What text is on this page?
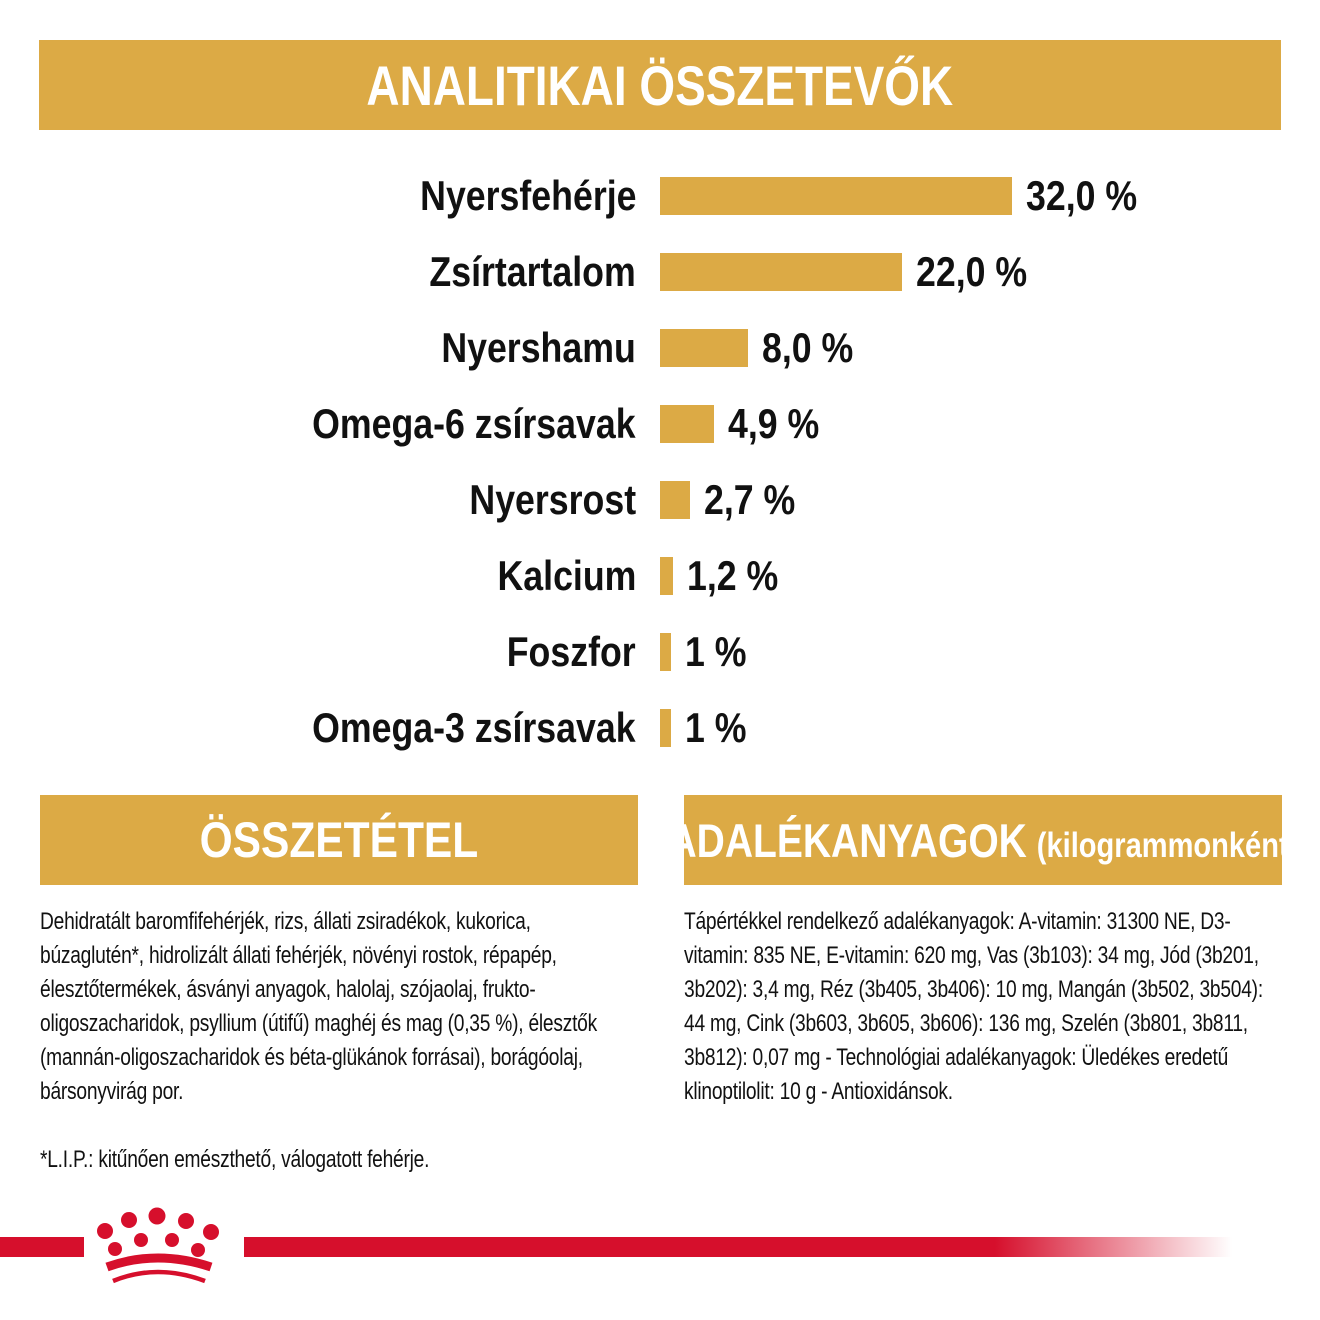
ANALITIKAI ÖSSZETEVŐK
Nyersfehérje	32,0 %
Zsírtartalom	22,0 %
Nyershamu	8,0 %
Omega-6 zsírsavak 4,9 %
Nyersrost 2,7 %
Kalcium 1,2 %
Foszfor 1 %
Omega-3 zsírsavak 1 %
ÖSSZETÉTEL
Dehidratált baromfifehérjék, rizs, állati zsiradékok, kukorica, búzaglutén*, hidrolizált állati fehérjék, növényi rostok, répapép, élesztőtermékek, ásványi anyagok, halolaj, szójaolaj, frukto-oligoszacharidok, psyllium (útifű) maghéj és mag (0,35 %), élesztők (mannán-oligoszacharidok és béta-glükánok forrásai), borágóolaj, bársonyvirág por.
*L.I.P.: kitűnően emészthető, válogatott fehérje.
ADALÉKANYAGOK (kilogrammonként)
Tápértékkel rendelkező adalékanyagok: A-vitamin: 31300 NE, D3-vitamin: 835 NE, E-vitamin: 620 mg, Vas (3b103): 34 mg, Jód (3b201, 3b202): 3,4 mg, Réz (3b405, 3b406): 10 mg, Mangán (3b502, 3b504): 44 mg, Cink (3b603, 3b605, 3b606): 136 mg, Szelén (3b801, 3b811, 3b812): 0,07 mg - Technológiai adalékanyagok: Üledékes eredetű klinoptilolit: 10 g - Antioxidánsok.
